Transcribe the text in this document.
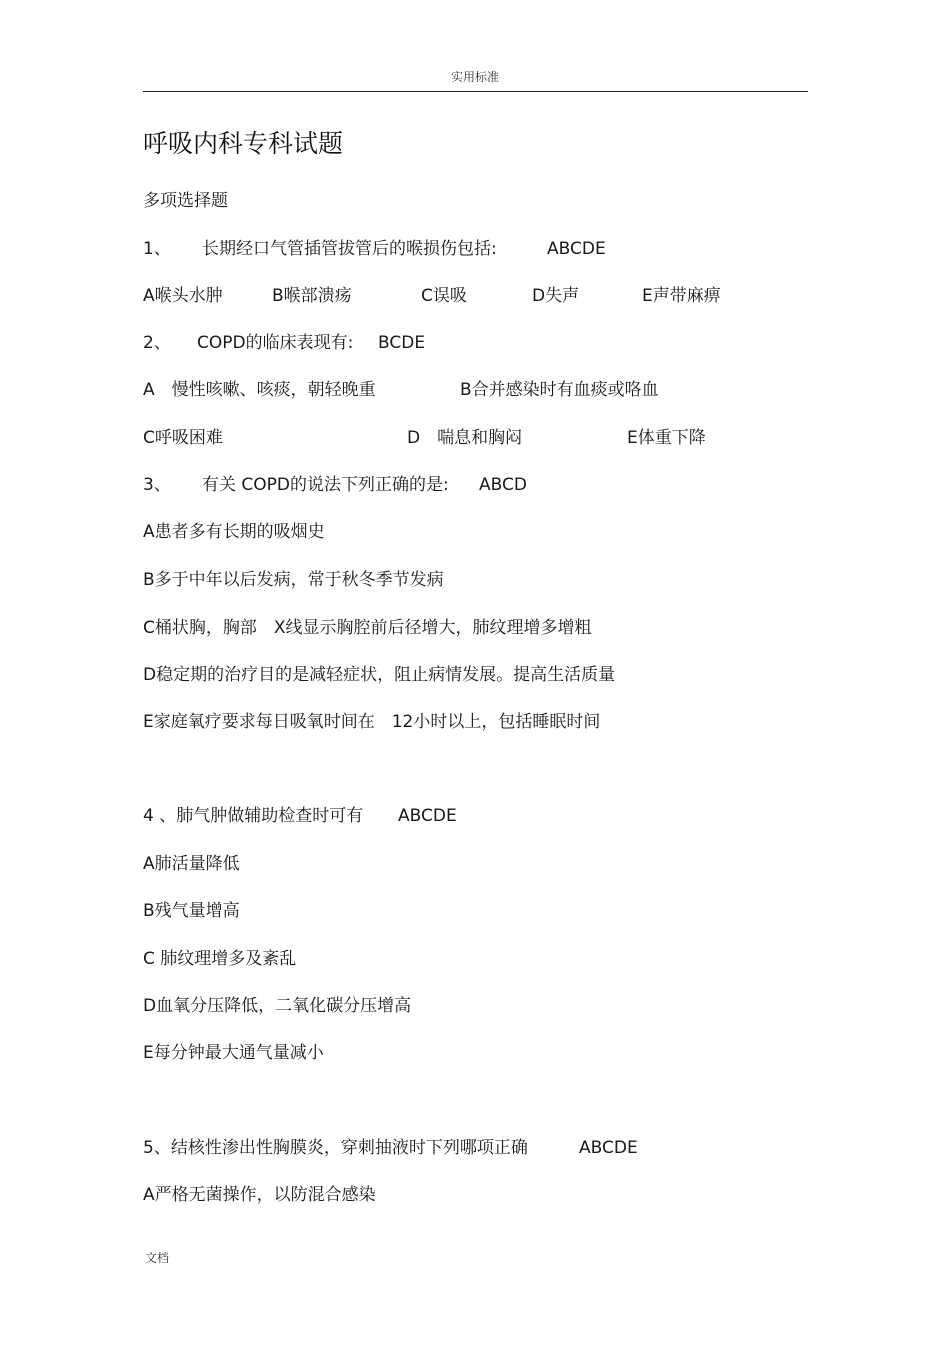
实用标准
呼吸内科专科试题
多项选择题
1、 长期经口气管插管拔管后的喉损伤包括:	ABCDE
A喉头水肿	B喉部溃疡	C误吸	D失声	E声带麻痹
2、 COPD的临床表现有: BCDE
A　慢性咳嗽、咳痰，朝轻晚重	B合并感染时有血痰或咯血
C呼吸困难	D　喘息和胸闷	E体重下降
3、 有关 COPD的说法下列正确的是: ABCD
A患者多有长期的吸烟史
B多于中年以后发病，常于秋冬季节发病
C桶状胸，胸部　X线显示胸腔前后径增大，肺纹理增多增粗
D稳定期的治疗目的是减轻症状，阻止病情发展。提高生活质量
E家庭氧疗要求每日吸氧时间在　12小时以上，包括睡眠时间
4 、肺气肿做辅助检查时可有 ABCDE
A肺活量降低
B残气量增高
C 肺纹理增多及紊乱
D血氧分压降低，二氧化碳分压增高
E每分钟最大通气量减小
5、结核性渗出性胸膜炎，穿刺抽液时下列哪项正确	ABCDE
A严格无菌操作，以防混合感染
文档
